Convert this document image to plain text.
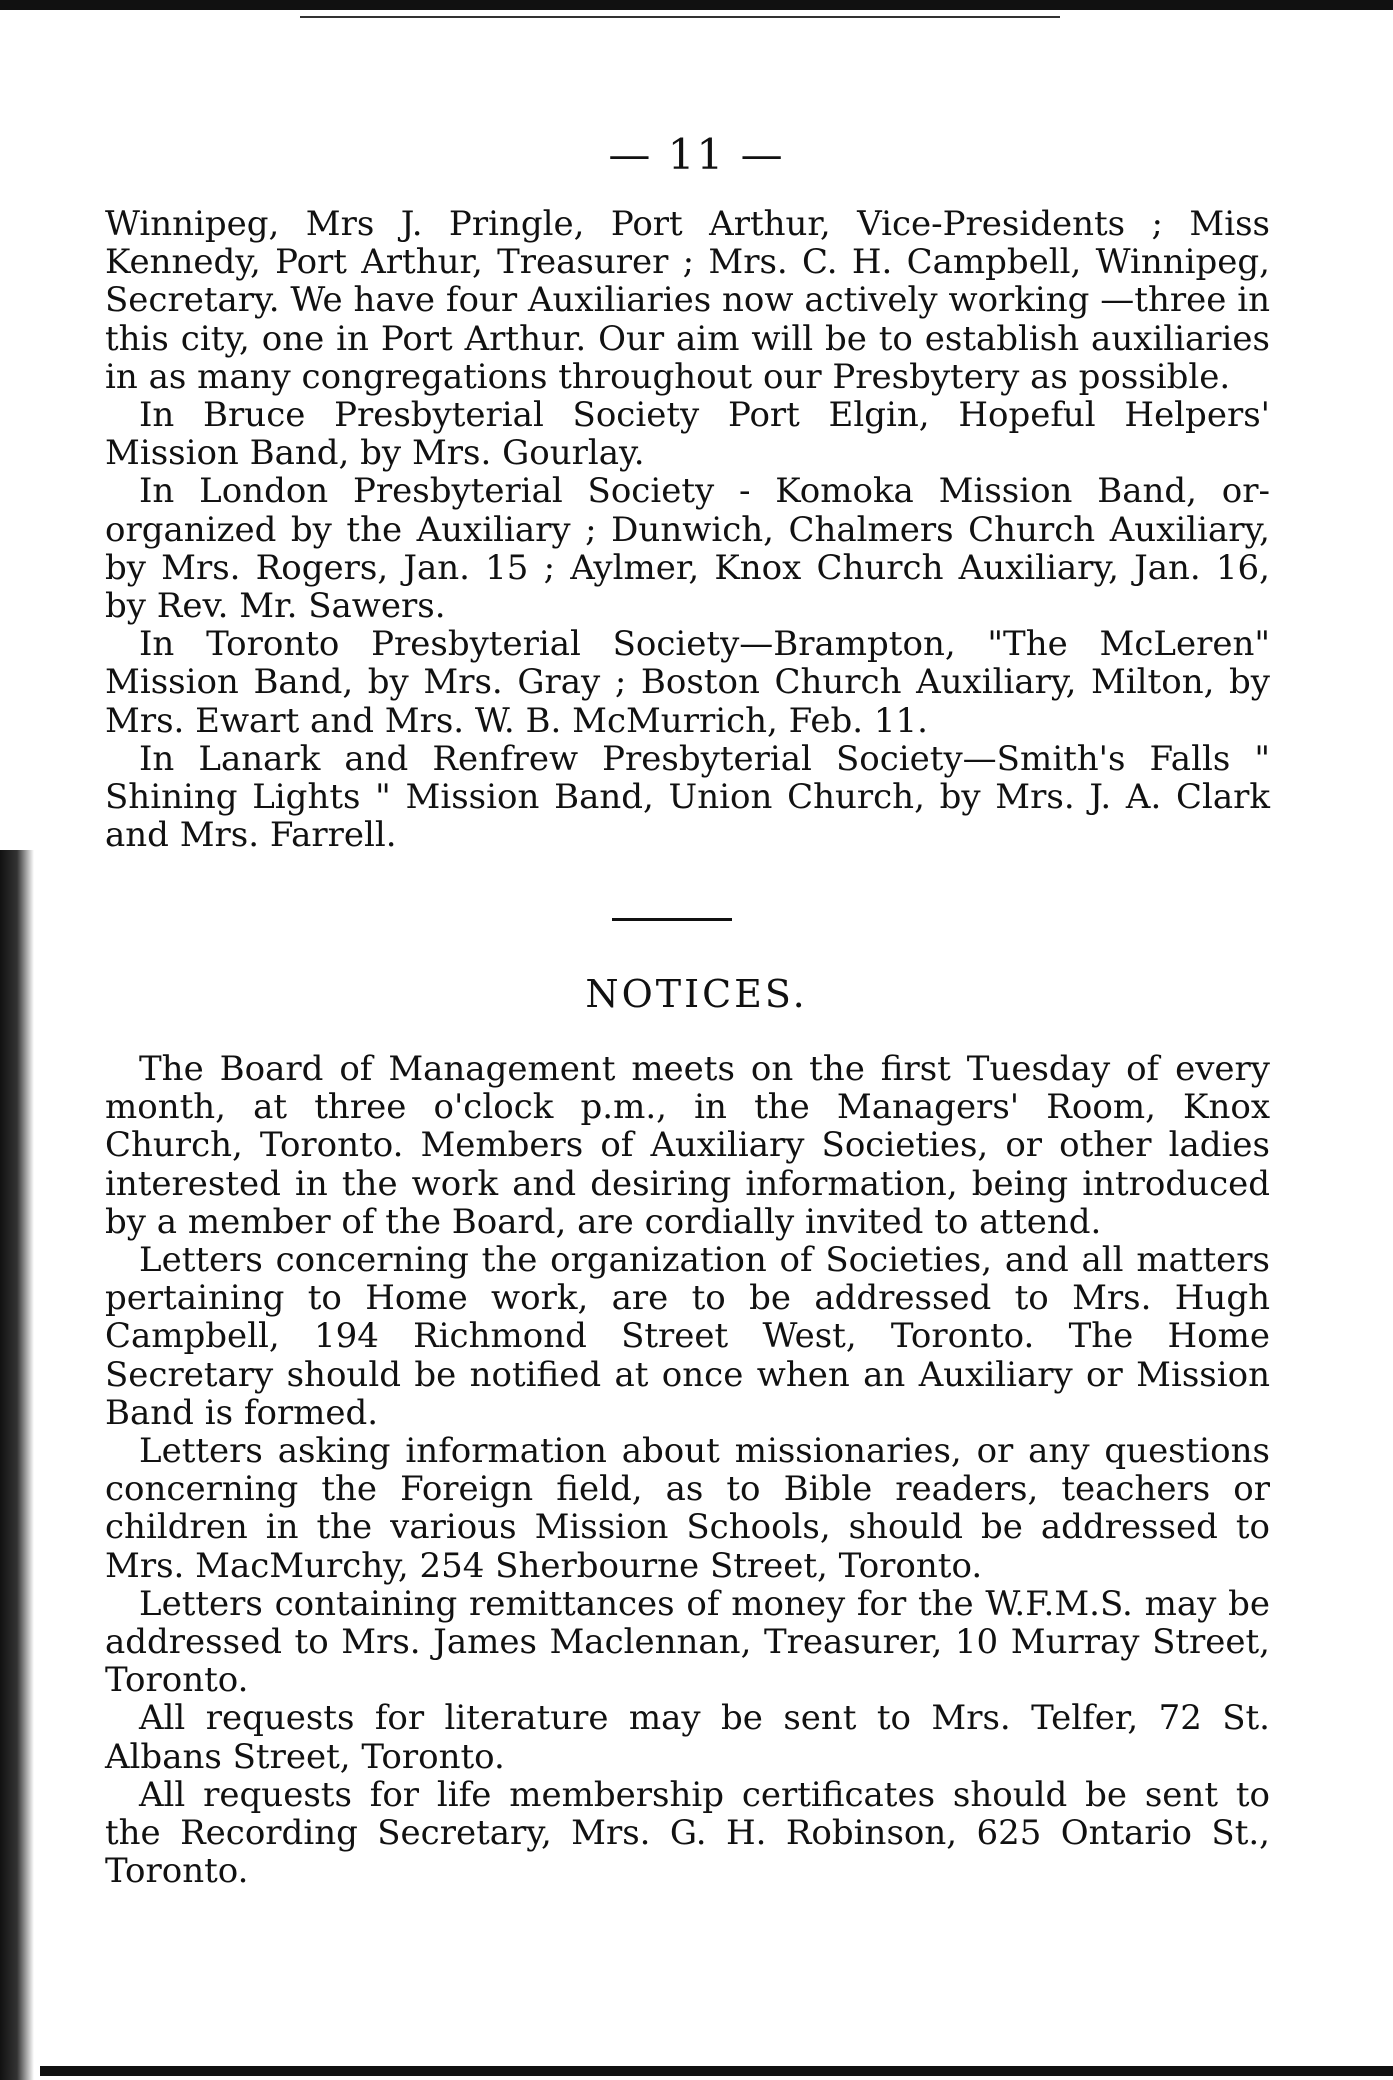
— 11 —

Winnipeg, Mrs J. Pringle, Port Arthur, Vice-Presidents ; Miss Kennedy, Port Arthur, Treasurer ; Mrs. C. H. Campbell, Winnipeg, Secretary. We have four Auxiliaries now actively working —three in this city, one in Port Arthur. Our aim will be to establish auxiliaries in as many congregations throughout our Presbytery as possible.

In Bruce Presbyterial Society Port Elgin, Hopeful Helpers' Mission Band, by Mrs. Gourlay.

In London Presbyterial Society - Komoka Mission Band, or-organized by the Auxiliary ; Dunwich, Chalmers Church Auxiliary, by Mrs. Rogers, Jan. 15 ; Aylmer, Knox Church Auxiliary, Jan. 16, by Rev. Mr. Sawers.

In Toronto Presbyterial Society—Brampton, "The McLeren" Mission Band, by Mrs. Gray ; Boston Church Auxiliary, Milton, by Mrs. Ewart and Mrs. W. B. McMurrich, Feb. 11.

In Lanark and Renfrew Presbyterial Society—Smith's Falls " Shining Lights " Mission Band, Union Church, by Mrs. J. A. Clark and Mrs. Farrell.

NOTICES.

The Board of Management meets on the first Tuesday of every month, at three o'clock p.m., in the Managers' Room, Knox Church, Toronto. Members of Auxiliary Societies, or other ladies interested in the work and desiring information, being introduced by a member of the Board, are cordially invited to attend.

Letters concerning the organization of Societies, and all matters pertaining to Home work, are to be addressed to Mrs. Hugh Campbell, 194 Richmond Street West, Toronto. The Home Secretary should be notified at once when an Auxiliary or Mission Band is formed.

Letters asking information about missionaries, or any questions concerning the Foreign field, as to Bible readers, teachers or children in the various Mission Schools, should be addressed to Mrs. MacMurchy, 254 Sherbourne Street, Toronto.

Letters containing remittances of money for the W.F.M.S. may be addressed to Mrs. James Maclennan, Treasurer, 10 Murray Street, Toronto.

All requests for literature may be sent to Mrs. Telfer, 72 St. Albans Street, Toronto.

All requests for life membership certificates should be sent to the Recording Secretary, Mrs. G. H. Robinson, 625 Ontario St., Toronto.
